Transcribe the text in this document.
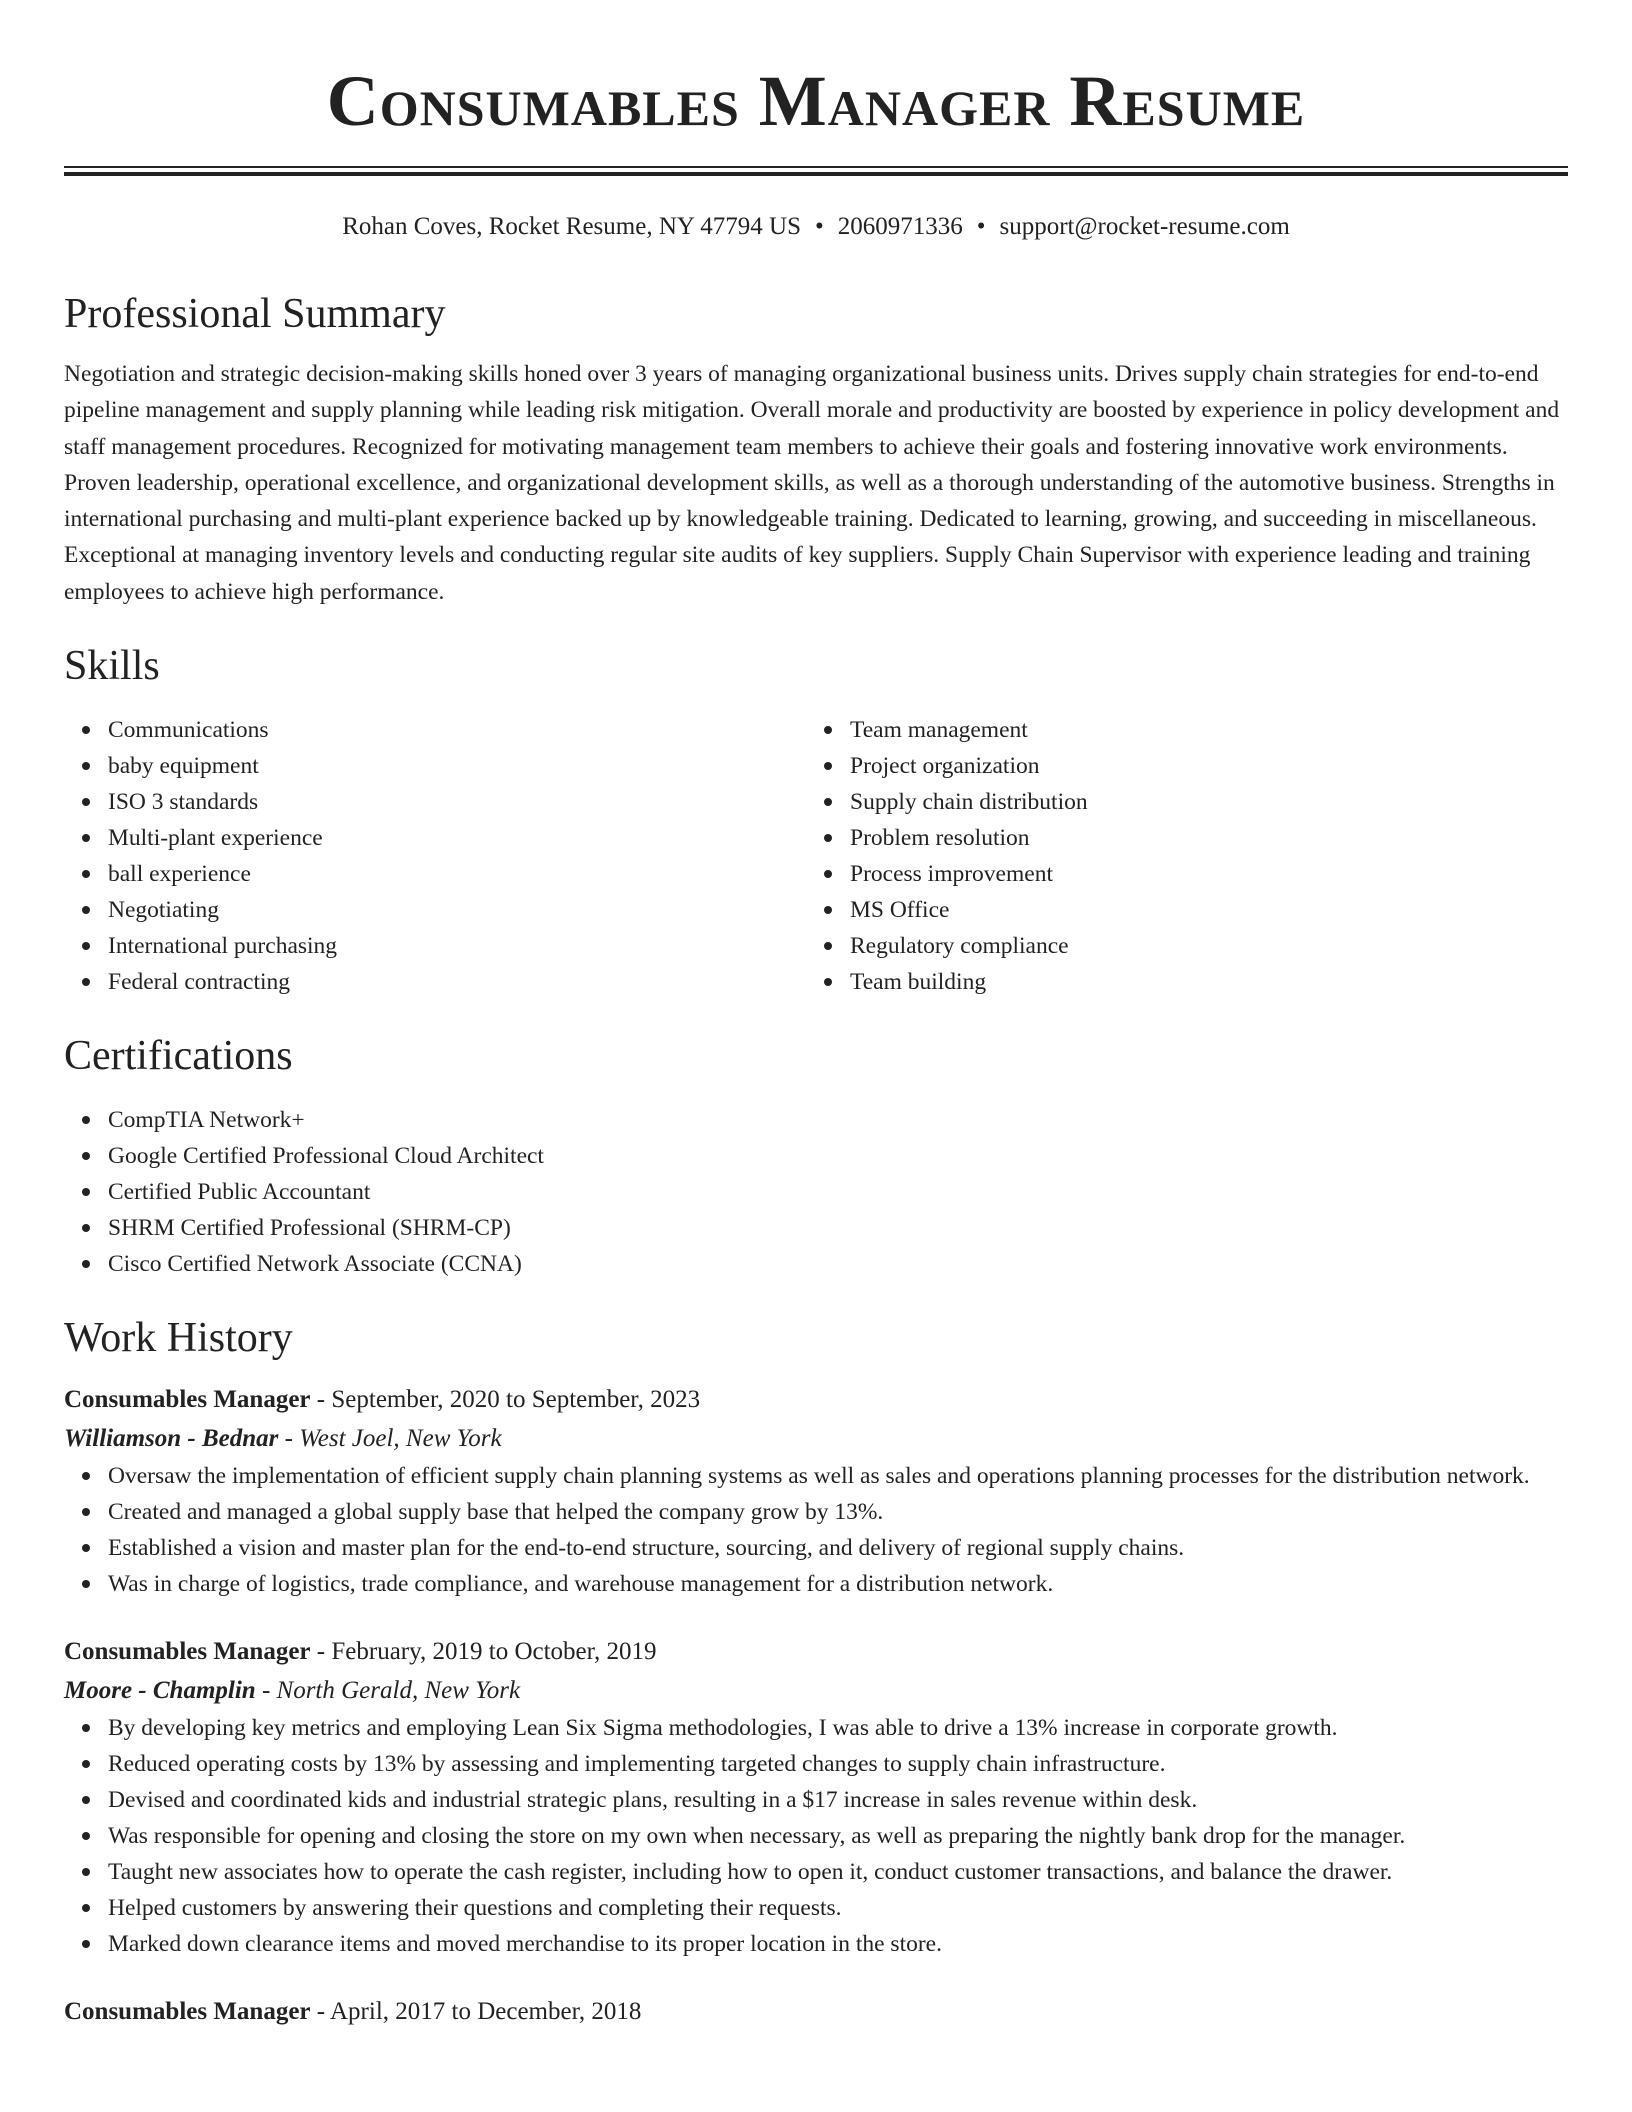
Consumables Manager Resume
Rohan Coves, Rocket Resume, NY 47794 US • 2060971336 • support@rocket-resume.com
Professional Summary
Negotiation and strategic decision-making skills honed over 3 years of managing organizational business units. Drives supply chain strategies for end-to-end pipeline management and supply planning while leading risk mitigation. Overall morale and productivity are boosted by experience in policy development and staff management procedures. Recognized for motivating management team members to achieve their goals and fostering innovative work environments. Proven leadership, operational excellence, and organizational development skills, as well as a thorough understanding of the automotive business. Strengths in international purchasing and multi-plant experience backed up by knowledgeable training. Dedicated to learning, growing, and succeeding in miscellaneous. Exceptional at managing inventory levels and conducting regular site audits of key suppliers. Supply Chain Supervisor with experience leading and training employees to achieve high performance.
Skills
Communications
baby equipment
ISO 3 standards
Multi-plant experience
ball experience
Negotiating
International purchasing
Federal contracting
Team management
Project organization
Supply chain distribution
Problem resolution
Process improvement
MS Office
Regulatory compliance
Team building
Certifications
CompTIA Network+
Google Certified Professional Cloud Architect
Certified Public Accountant
SHRM Certified Professional (SHRM-CP)
Cisco Certified Network Associate (CCNA)
Work History
Consumables Manager - September, 2020 to September, 2023
Williamson - Bednar - West Joel, New York
Oversaw the implementation of efficient supply chain planning systems as well as sales and operations planning processes for the distribution network.
Created and managed a global supply base that helped the company grow by 13%.
Established a vision and master plan for the end-to-end structure, sourcing, and delivery of regional supply chains.
Was in charge of logistics, trade compliance, and warehouse management for a distribution network.
Consumables Manager - February, 2019 to October, 2019
Moore - Champlin - North Gerald, New York
By developing key metrics and employing Lean Six Sigma methodologies, I was able to drive a 13% increase in corporate growth.
Reduced operating costs by 13% by assessing and implementing targeted changes to supply chain infrastructure.
Devised and coordinated kids and industrial strategic plans, resulting in a $17 increase in sales revenue within desk.
Was responsible for opening and closing the store on my own when necessary, as well as preparing the nightly bank drop for the manager.
Taught new associates how to operate the cash register, including how to open it, conduct customer transactions, and balance the drawer.
Helped customers by answering their questions and completing their requests.
Marked down clearance items and moved merchandise to its proper location in the store.
Consumables Manager - April, 2017 to December, 2018
